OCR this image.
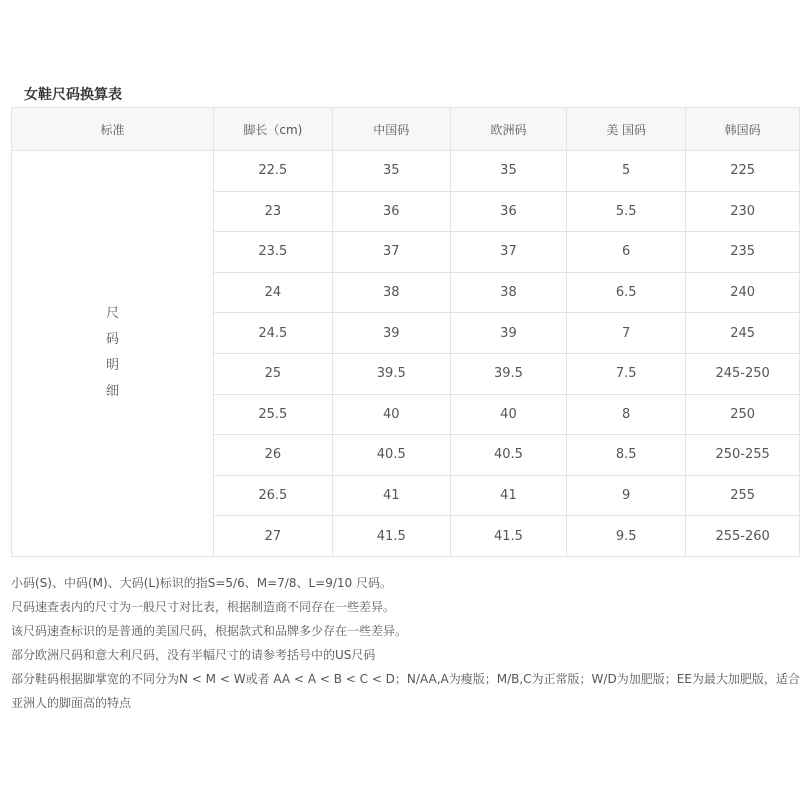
女鞋尺码换算表
标准	脚长（cm)	中国码	欧洲码	美 国码	韩国码

尺
码
明
细	22.5	35	35	5	225
	23	36	36	5.5	230
	23.5	37	37	6	235
	24	38	38	6.5	240
	24.5	39	39	7	245
	25	39.5	39.5	7.5	245-250
	25.5	40	40	8	250
	26	40.5	40.5	8.5	250-255
	26.5	41	41	9	255
	27	41.5	41.5	9.5	255-260

小码(S)、中码(M)、大码(L)标识的指S=5/6、M=7/8、L=9/10 尺码。

尺码速查表内的尺寸为一般尺寸对比表，根据制造商不同存在一些差异。

该尺码速查标识的是普通的美国尺码，根据款式和品牌多少存在一些差异。

部分欧洲尺码和意大利尺码，没有半幅尺寸的请参考括号中的US尺码

部分鞋码根据脚掌宽的不同分为N < M < W或者 AA < A < B < C < D；N/AA,A为瘦版；M/B,C为正常版；W/D为加肥版；EE为最大加肥版，适合亚洲人的脚面高的特点
